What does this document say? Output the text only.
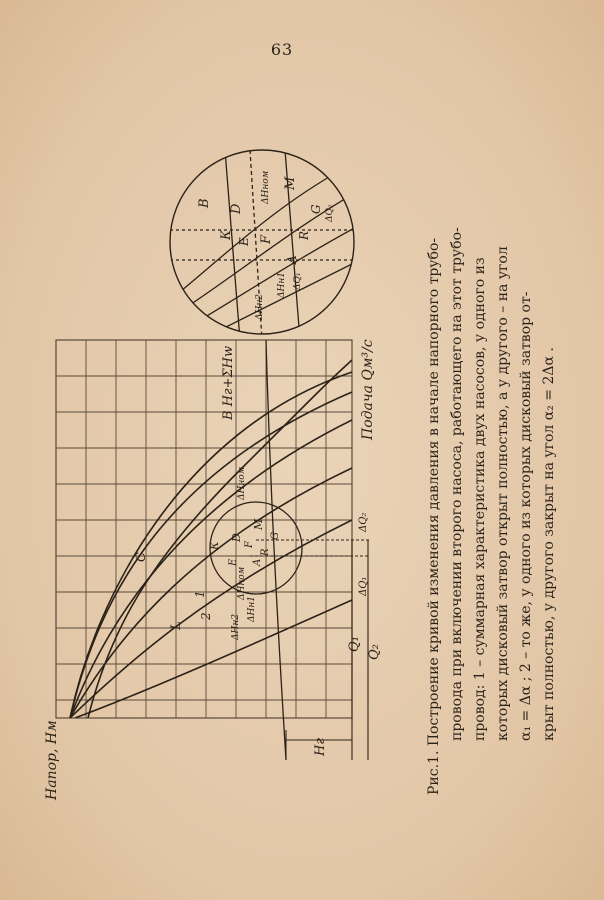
63
В
К
D
M
Е F R
G
A
ΔНном
ΔНн1
ΔНн2
ΔQ₁
ΔQ₂
Напор, Нм
Подача Qм³/с
В Нг+ΣHw
С
L
1
2
К
Е
D
M
F
R
G
A
ΔНном
ΔНном
ΔНн1
ΔНн2
Q₁
Q₂
ΔQ₁
ΔQ₂
Нг	Рис.1. Построение кривой изменения давления в начале напорного трубо- провода при включении второго насоса, работающего на этот трубо- провод: 1 – суммарная характеристика двух насосов, у одного из которых дисковый затвор открыт полностью, а у другого – на угол α₁ = Δα ; 2 – то же, у одного из которых дисковый затвор от- крыт полностью, у другого закрыт на угол α₂ = 2Δα .
